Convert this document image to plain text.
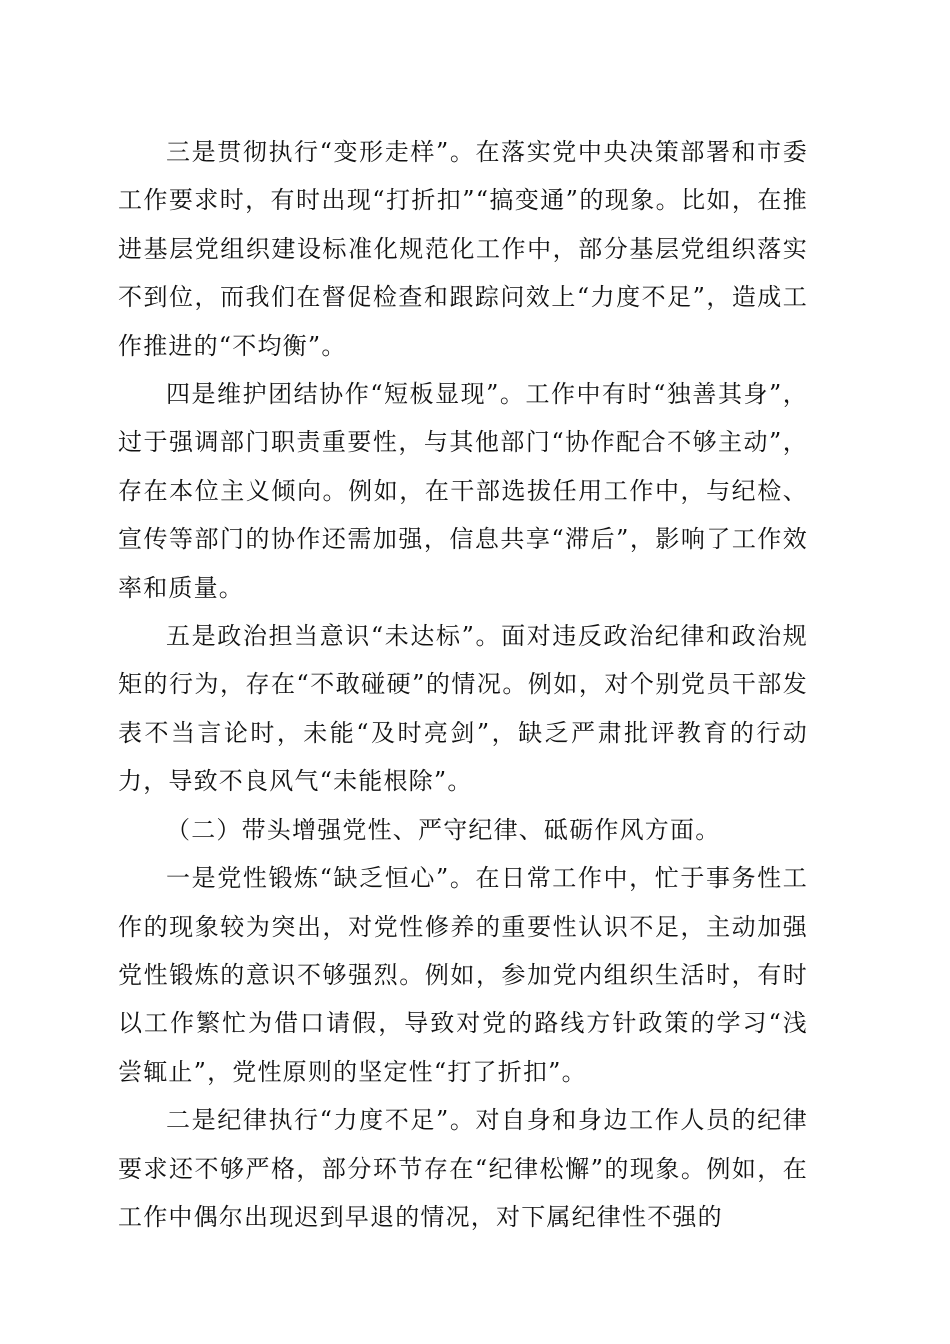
三是贯彻执行“变形走样”。在落实党中央决策部署和市委工作要求时，有时出现“打折扣”“搞变通”的现象。比如，在推进基层党组织建设标准化规范化工作中，部分基层党组织落实不到位，而我们在督促检查和跟踪问效上“力度不足”，造成工作推进的“不均衡”。

四是维护团结协作“短板显现”。工作中有时“独善其身”，过于强调部门职责重要性，与其他部门“协作配合不够主动”，存在本位主义倾向。例如，在干部选拔任用工作中，与纪检、宣传等部门的协作还需加强，信息共享“滞后”，影响了工作效率和质量。

五是政治担当意识“未达标”。面对违反政治纪律和政治规矩的行为，存在“不敢碰硬”的情况。例如，对个别党员干部发表不当言论时，未能“及时亮剑”，缺乏严肃批评教育的行动力，导致不良风气“未能根除”。

（二）带头增强党性、严守纪律、砥砺作风方面。

一是党性锻炼“缺乏恒心”。在日常工作中，忙于事务性工作的现象较为突出，对党性修养的重要性认识不足，主动加强党性锻炼的意识不够强烈。例如，参加党内组织生活时，有时以工作繁忙为借口请假，导致对党的路线方针政策的学习“浅尝辄止”，党性原则的坚定性“打了折扣”。

二是纪律执行“力度不足”。对自身和身边工作人员的纪律要求还不够严格，部分环节存在“纪律松懈”的现象。例如，在工作中偶尔出现迟到早退的情况，对下属纪律性不强的
